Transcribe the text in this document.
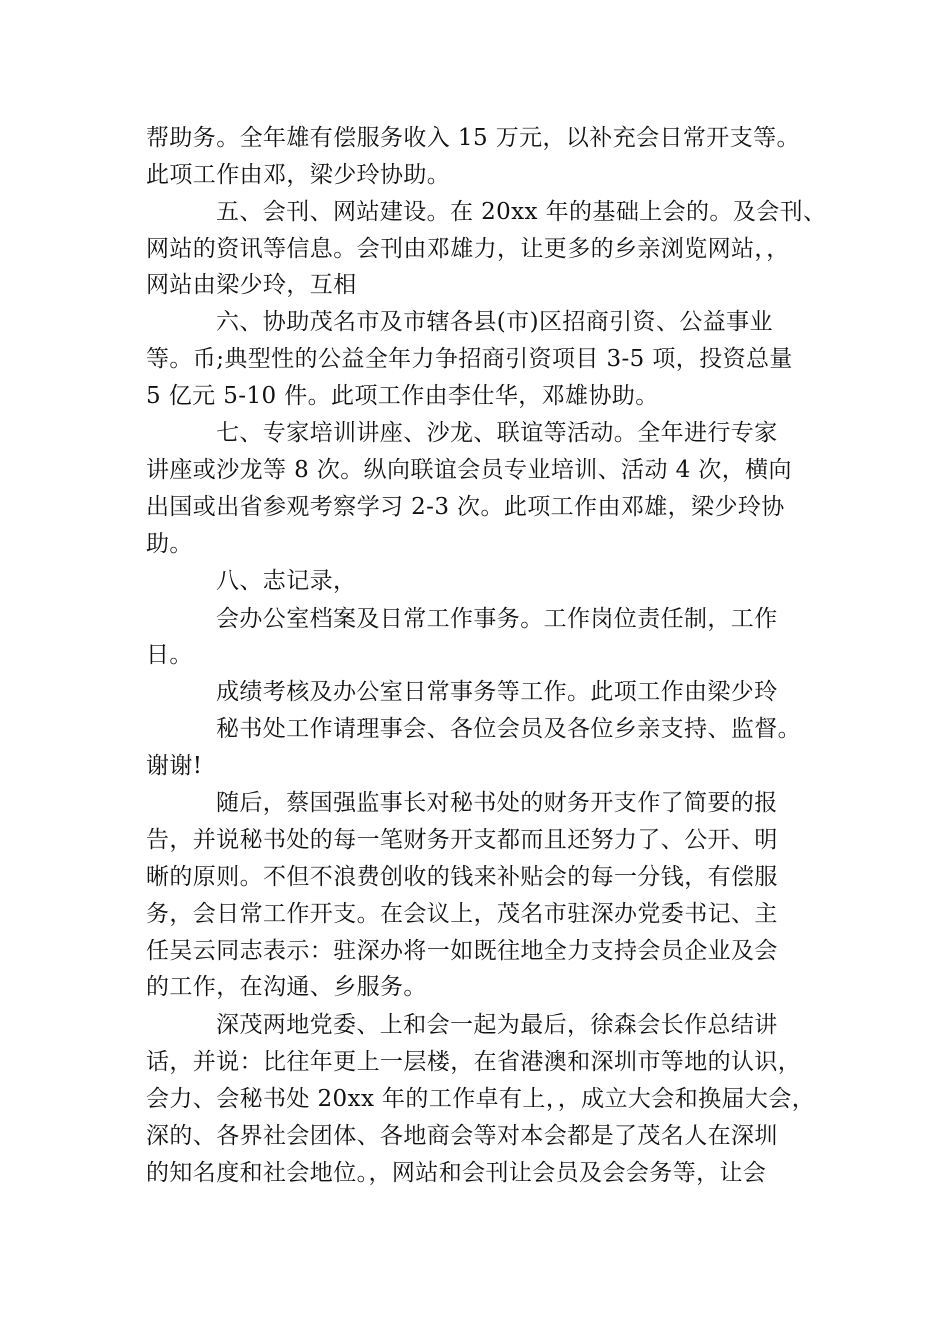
帮助务。全年雄有偿服务收入 15 万元，以补充会日常开支等。
此项工作由邓，梁少玲协助。
五、会刊、网站建设。在 20xx 年的基础上会的。及会刊、
网站的资讯等信息。会刊由邓雄力，让更多的乡亲浏览网站，，
网站由梁少玲，互相
六、协助茂名市及市辖各县(市)区招商引资、公益事业
等。币;典型性的公益全年力争招商引资项目 3-5 项，投资总量
5 亿元 5-10 件。此项工作由李仕华，邓雄协助。
七、专家培训讲座、沙龙、联谊等活动。全年进行专家
讲座或沙龙等 8 次。纵向联谊会员专业培训、活动 4 次，横向
出国或出省参观考察学习 2-3 次。此项工作由邓雄，梁少玲协
助。
八、志记录，
会办公室档案及日常工作事务。工作岗位责任制，工作
日。
成绩考核及办公室日常事务等工作。此项工作由梁少玲
秘书处工作请理事会、各位会员及各位乡亲支持、监督。
谢谢!
随后，蔡国强监事长对秘书处的财务开支作了简要的报
告，并说秘书处的每一笔财务开支都而且还努力了、公开、明
晰的原则。不但不浪费创收的钱来补贴会的每一分钱，有偿服
务，会日常工作开支。在会议上，茂名市驻深办党委书记、主
任吴云同志表示：驻深办将一如既往地全力支持会员企业及会
的工作，在沟通、乡服务。
深茂两地党委、上和会一起为最后，徐森会长作总结讲
话，并说：比往年更上一层楼，在省港澳和深圳市等地的认识，
会力、会秘书处 20xx 年的工作卓有上，，成立大会和换届大会，
深的、各界社会团体、各地商会等对本会都是了茂名人在深圳
的知名度和社会地位。，网站和会刊让会员及会会务等，让会
